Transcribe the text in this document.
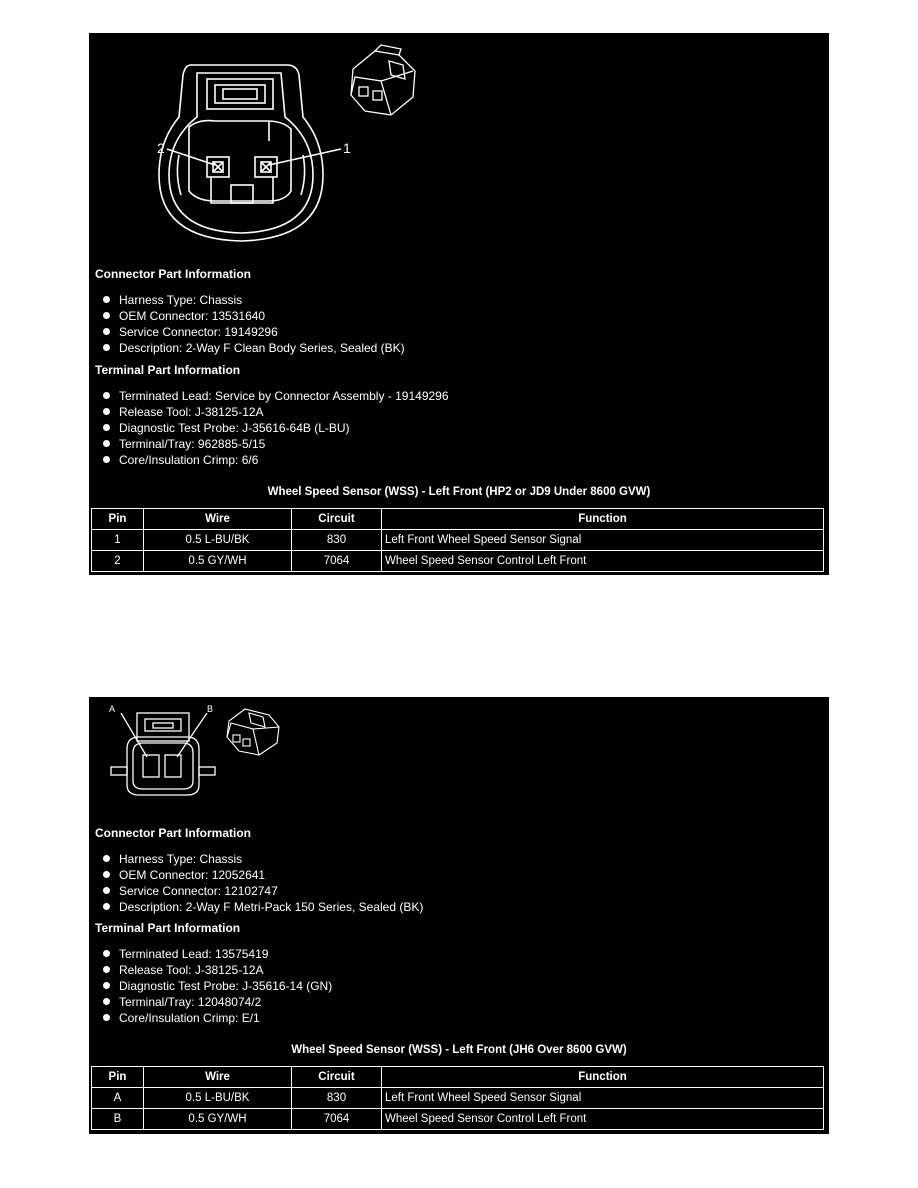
2	1

Connector Part Information

Harness Type: Chassis
OEM Connector: 13531640
Service Connector: 19149296
Description: 2-Way F Clean Body Series, Sealed (BK)

Terminal Part Information

Terminated Lead: Service by Connector Assembly - 19149296
Release Tool: J-38125-12A
Diagnostic Test Probe: J-35616-64B (L-BU)
Terminal/Tray: 962885-5/15
Core/Insulation Crimp: 6/6
Wheel Speed Sensor (WSS) - Left Front (HP2 or JD9 Under 8600 GVW)
Pin	Wire	Circuit	Function
1	0.5 L-BU/BK	830	Left Front Wheel Speed Sensor Signal
2	0.5 GY/WH	7064	Wheel Speed Sensor Control Left Front
A	B

Connector Part Information

Harness Type: Chassis
OEM Connector: 12052641
Service Connector: 12102747
Description: 2-Way F Metri-Pack 150 Series, Sealed (BK)

Terminal Part Information

Terminated Lead: 13575419
Release Tool: J-38125-12A
Diagnostic Test Probe: J-35616-14 (GN)
Terminal/Tray: 12048074/2
Core/Insulation Crimp: E/1
Wheel Speed Sensor (WSS) - Left Front (JH6 Over 8600 GVW)
Pin	Wire	Circuit	Function
A	0.5 L-BU/BK	830	Left Front Wheel Speed Sensor Signal
B	0.5 GY/WH	7064	Wheel Speed Sensor Control Left Front
